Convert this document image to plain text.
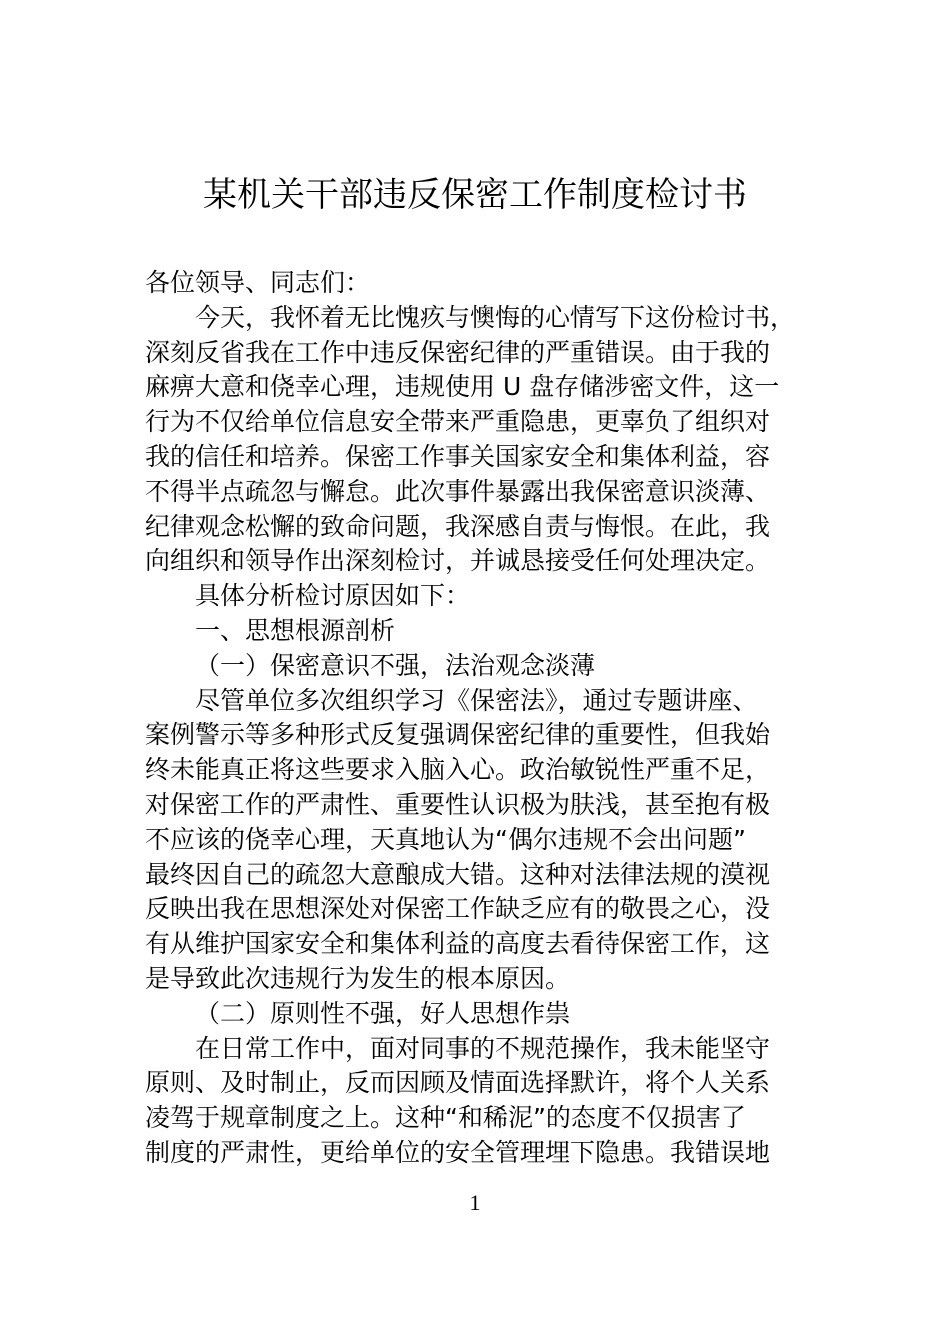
某机关干部违反保密工作制度检讨书
各位领导、同志们：
今天，我怀着无比愧疚与懊悔的心情写下这份检讨书，
深刻反省我在工作中违反保密纪律的严重错误。由于我的
麻痹大意和侥幸心理，违规使用 U 盘存储涉密文件，这一
行为不仅给单位信息安全带来严重隐患，更辜负了组织对
我的信任和培养。保密工作事关国家安全和集体利益，容
不得半点疏忽与懈怠。此次事件暴露出我保密意识淡薄、
纪律观念松懈的致命问题，我深感自责与悔恨。在此，我
向组织和领导作出深刻检讨，并诚恳接受任何处理决定。
具体分析检讨原因如下：
一、思想根源剖析
（一）保密意识不强，法治观念淡薄
尽管单位多次组织学习《保密法》，通过专题讲座、
案例警示等多种形式反复强调保密纪律的重要性，但我始
终未能真正将这些要求入脑入心。政治敏锐性严重不足，
对保密工作的严肃性、重要性认识极为肤浅，甚至抱有极
不应该的侥幸心理，天真地认为“偶尔违规不会出问题”
最终因自己的疏忽大意酿成大错。这种对法律法规的漠视
反映出我在思想深处对保密工作缺乏应有的敬畏之心，没
有从维护国家安全和集体利益的高度去看待保密工作，这
是导致此次违规行为发生的根本原因。
（二）原则性不强，好人思想作祟
在日常工作中，面对同事的不规范操作，我未能坚守
原则、及时制止，反而因顾及情面选择默许，将个人关系
凌驾于规章制度之上。这种“和稀泥”的态度不仅损害了
制度的严肃性，更给单位的安全管理埋下隐患。我错误地
1
